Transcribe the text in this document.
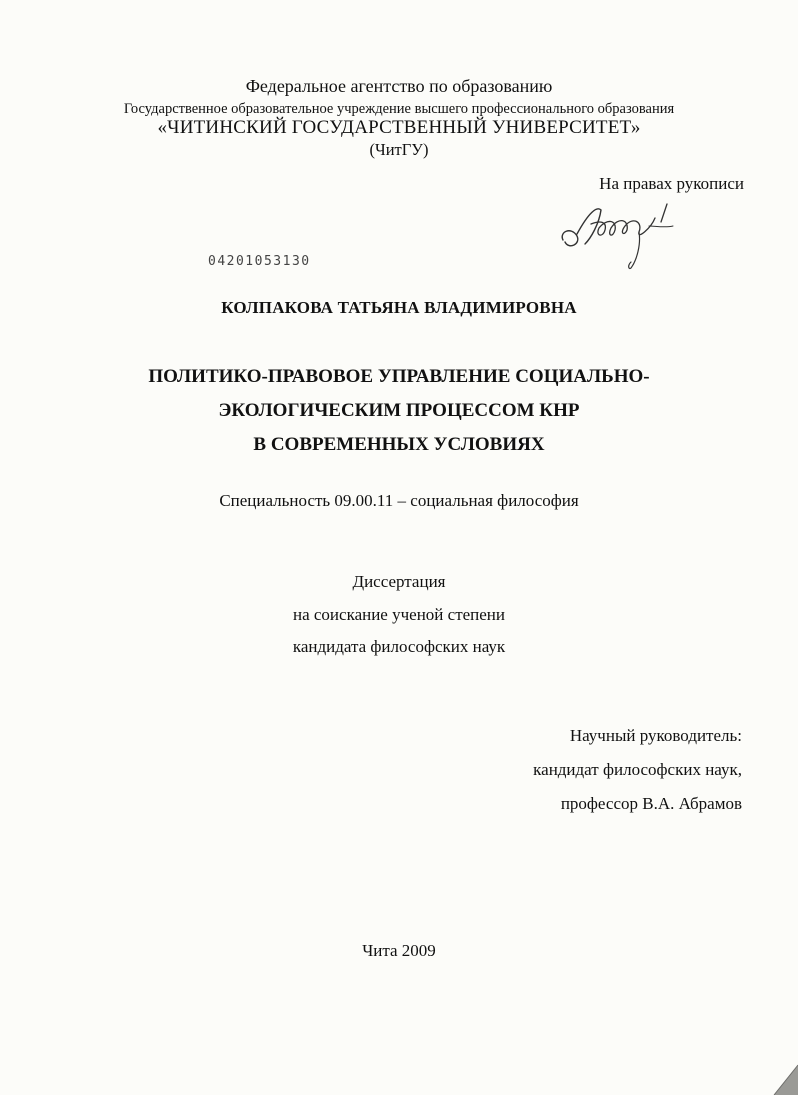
Федеральное агентство по образованию
Государственное образовательное учреждение высшего профессионального образования
«ЧИТИНСКИЙ ГОСУДАРСТВЕННЫЙ УНИВЕРСИТЕТ»
(ЧитГУ)
На правах рукописи
04201053130
КОЛПАКОВА ТАТЬЯНА ВЛАДИМИРОВНА
ПОЛИТИКО-ПРАВОВОЕ УПРАВЛЕНИЕ СОЦИАЛЬНО-
ЭКОЛОГИЧЕСКИМ ПРОЦЕССОМ КНР
В СОВРЕМЕННЫХ УСЛОВИЯХ
Специальность 09.00.11 – социальная философия
Диссертация
на соискание ученой степени
кандидата философских наук
Научный руководитель:
кандидат философских наук,
профессор В.А. Абрамов
Чита 2009
